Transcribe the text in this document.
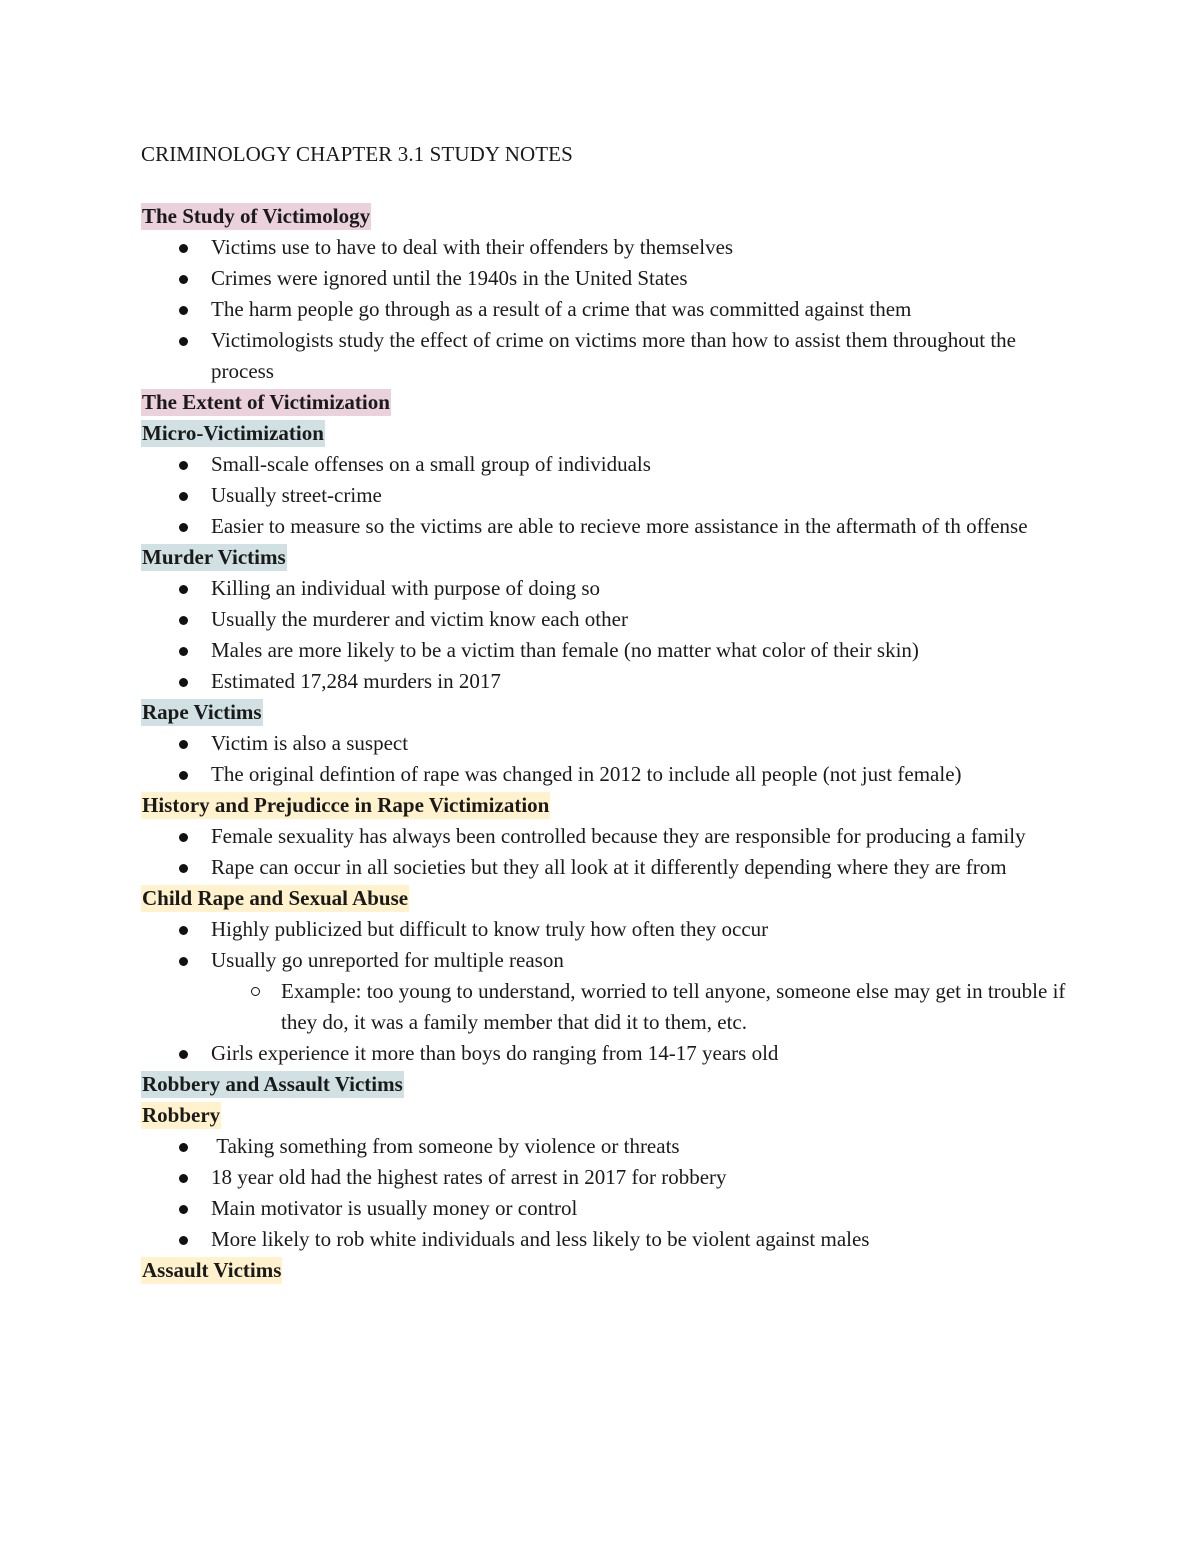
CRIMINOLOGY CHAPTER 3.1 STUDY NOTES
The Study of Victimology
Victims use to have to deal with their offenders by themselves
Crimes were ignored until the 1940s in the United States
The harm people go through as a result of a crime that was committed against them
Victimologists study the effect of crime on victims more than how to assist them throughout the process
The Extent of Victimization
Micro-Victimization
Small-scale offenses on a small group of individuals
Usually street-crime
Easier to measure so the victims are able to recieve more assistance in the aftermath of th offense
Murder Victims
Killing an individual with purpose of doing so
Usually the murderer and victim know each other
Males are more likely to be a victim than female (no matter what color of their skin)
Estimated 17,284 murders in 2017
Rape Victims
Victim is also a suspect
The original defintion of rape was changed in 2012 to include all people (not just female)
History and Prejudicce in Rape Victimization
Female sexuality has always been controlled because they are responsible for producing a family
Rape can occur in all societies but they all look at it differently depending where they are from
Child Rape and Sexual Abuse
Highly publicized but difficult to know truly how often they occur
Usually go unreported for multiple reason
Example: too young to understand, worried to tell anyone, someone else may get in trouble if they do, it was a family member that did it to them, etc.
Girls experience it more than boys do ranging from 14-17 years old
Robbery and Assault Victims
Robbery
Taking something from someone by violence or threats
18 year old had the highest rates of arrest in 2017 for robbery
Main motivator is usually money or control
More likely to rob white individuals and less likely to be violent against males
Assault Victims
